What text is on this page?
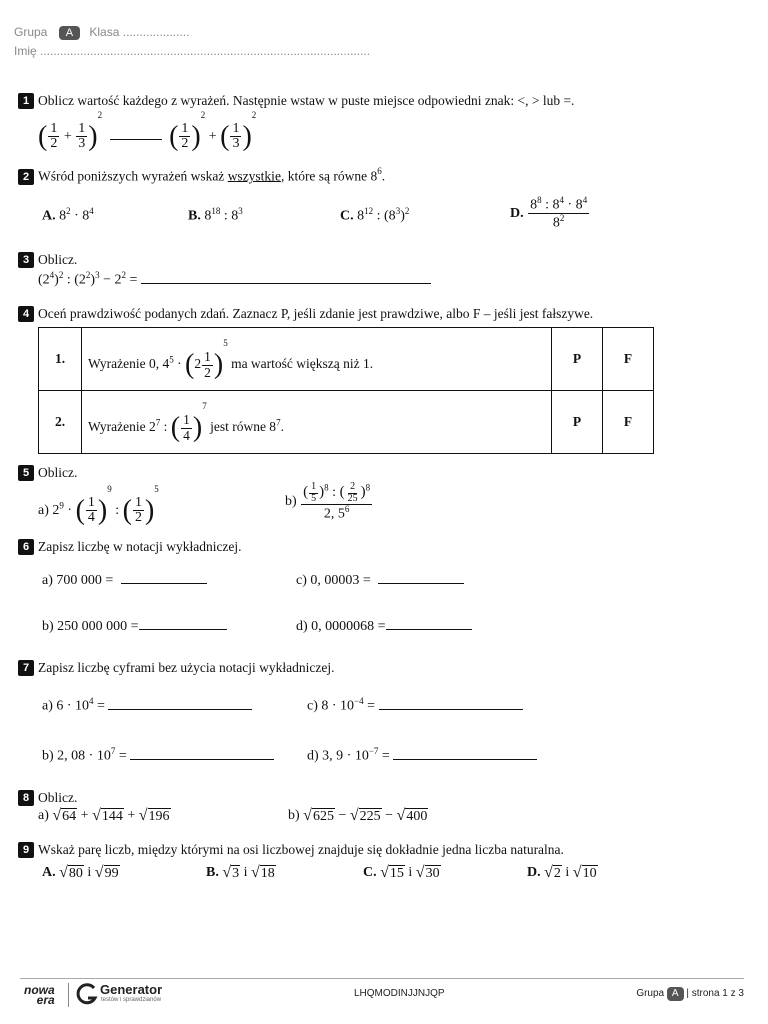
Grupa A Klasa ....................
Imię ...................................................................................................
1 Oblicz wartość każdego z wyrażeń. Następnie wstaw w puste miejsce odpowiedni znak: <, > lub =.
( $\frac{1}{2} + \frac{1}{3} )^2$  ( $\frac{1}{2} )^2$ + ( $\frac{1}{3} )^2$
2 Wśród poniższych wyrażeń wskaż wszystkie, które są równe $8^6$.
A. $8^2 \cdot 8^4$	B. $8^{18}$ : $8^3$	C. $8^{12}$ : $(8^3)^2$	D. $\frac{8^8 : 8^4 \cdot 8^4}{8^2}$
3 Oblicz.
$(2^4)^2$ : $(2^2)^3 - 2^2$ =
4 Oceń prawdziwość podanych zdań. Zaznacz P, jeśli zdanie jest prawdziwe, albo F – jeśli jest fałszywe.
1.	Wyrażenie 0, $4^5 \cdot (2 \frac{1}{2} )^5$ ma wartość większą niż 1.	P	F
2.	Wyrażenie $2^7$ : ( $\frac{1}{4} )^7$ jest równe $8^7$.	P	F
5 Oblicz.
a) $2^9$ · ( $\frac{1}{4} )^9$ : ( $\frac{1}{2} )^5$
$b) \frac{( \frac{1}{5} )^8 : ( \frac{2}{25} )^8}{2, 5^6}$
6 Zapisz liczbę w notacji wykładniczej.
a) 700 000 =	c) 0, 00003 =
b) 250 000 000 =	d) 0, 0000068 =
7 Zapisz liczbę cyframi bez użycia notacji wykładniczej.
a) $6 \cdot 10^4$ =	c) $8 \cdot 10^{-4}$ =
b) 2, $08 \cdot 10^7$ =	d) 3, $9 \cdot 10^{-7}$ =
8 Oblicz.
a) √ 64 + √ 144 + √ 196	b) √ 625 − √ 225 − √ 400
9 Wskaż parę liczb, między którymi na osi liczbowej znajduje się dokładnie jedna liczba naturalna.
A. √ 80 i √ 99	B. √ 3 i √ 18	C. √ 15 i √ 30	D. √ 2 i √ 10
nowa
era
Generator
testów i sprawdzianów
LHQMODINJJNJQP	Grupa A | strona 1 z 3
